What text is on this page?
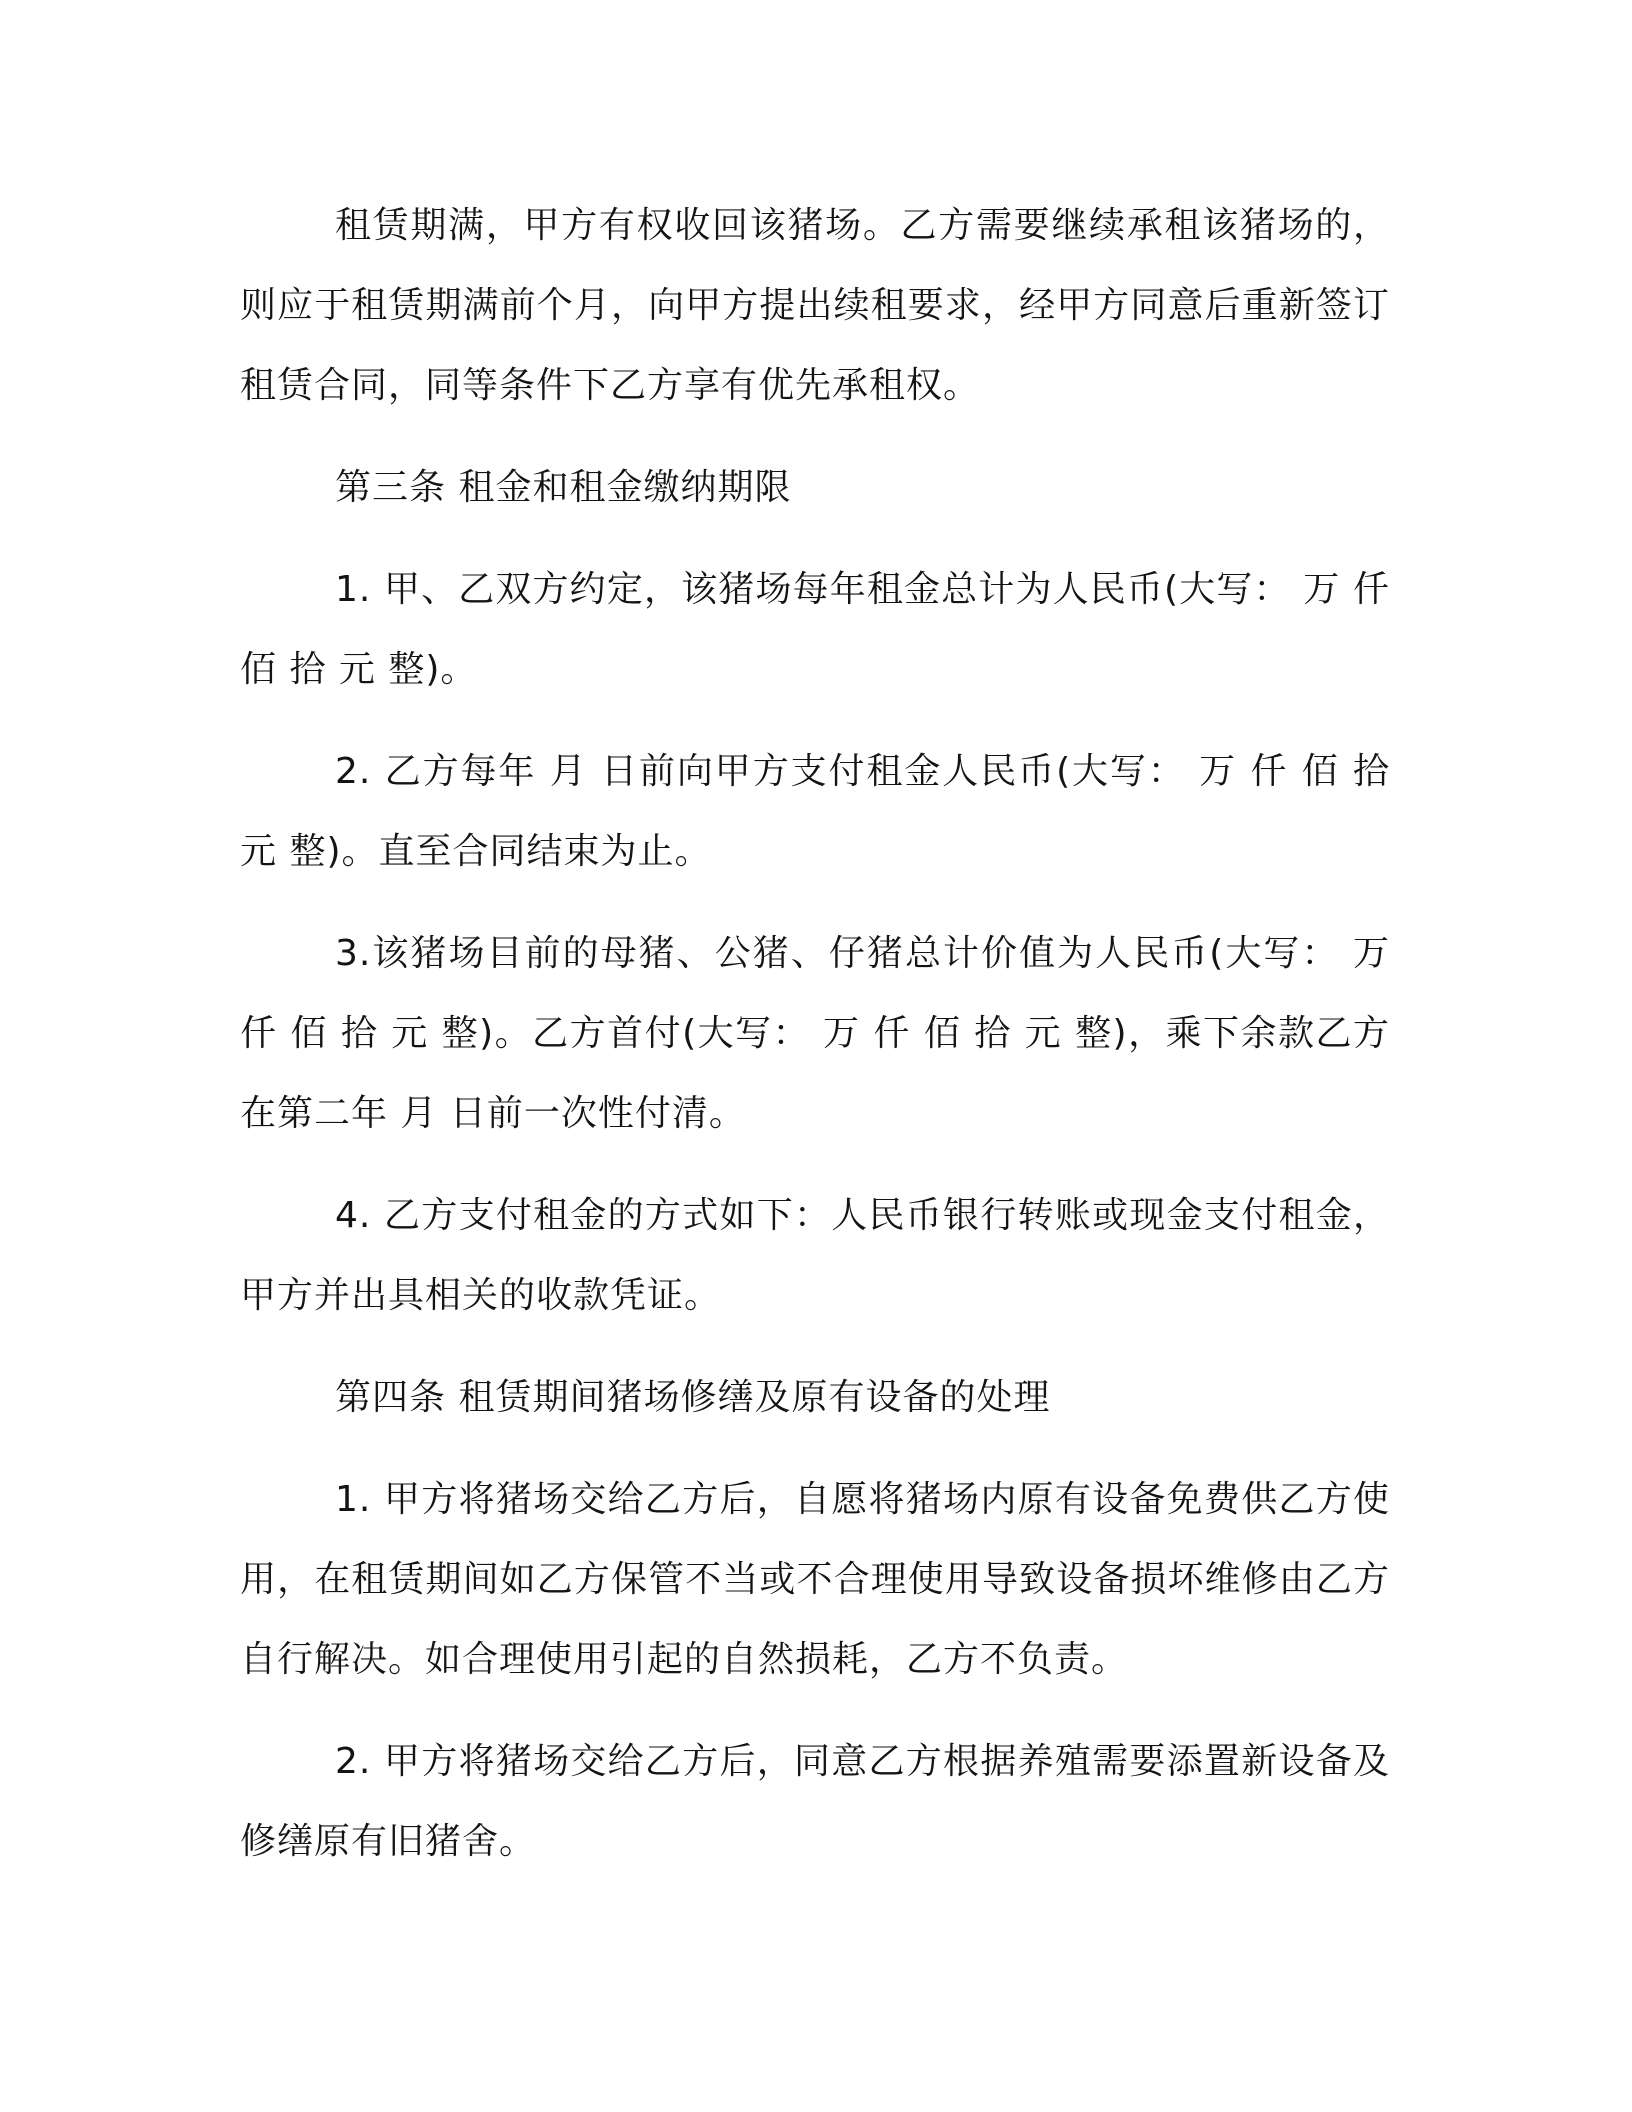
租赁期满，甲方有权收回该猪场。乙方需要继续承租该猪场的，则应于租赁期满前个月，向甲方提出续租要求，经甲方同意后重新签订租赁合同，同等条件下乙方享有优先承租权。

第三条 租金和租金缴纳期限

1. 甲、乙双方约定，该猪场每年租金总计为人民币(大写： 万 仟 佰 拾 元 整)。

2. 乙方每年 月 日前向甲方支付租金人民币(大写： 万 仟 佰 拾元 整)。直至合同结束为止。

3.该猪场目前的母猪、公猪、仔猪总计价值为人民币(大写： 万 仟 佰 拾 元 整)。乙方首付(大写： 万 仟 佰 拾 元 整)，乘下余款乙方在第二年 月 日前一次性付清。

4. 乙方支付租金的方式如下：人民币银行转账或现金支付租金，甲方并出具相关的收款凭证。

第四条 租赁期间猪场修缮及原有设备的处理

1. 甲方将猪场交给乙方后，自愿将猪场内原有设备免费供乙方使用，在租赁期间如乙方保管不当或不合理使用导致设备损坏维修由乙方自行解决。如合理使用引起的自然损耗，乙方不负责。

2. 甲方将猪场交给乙方后，同意乙方根据养殖需要添置新设备及修缮原有旧猪舍。
